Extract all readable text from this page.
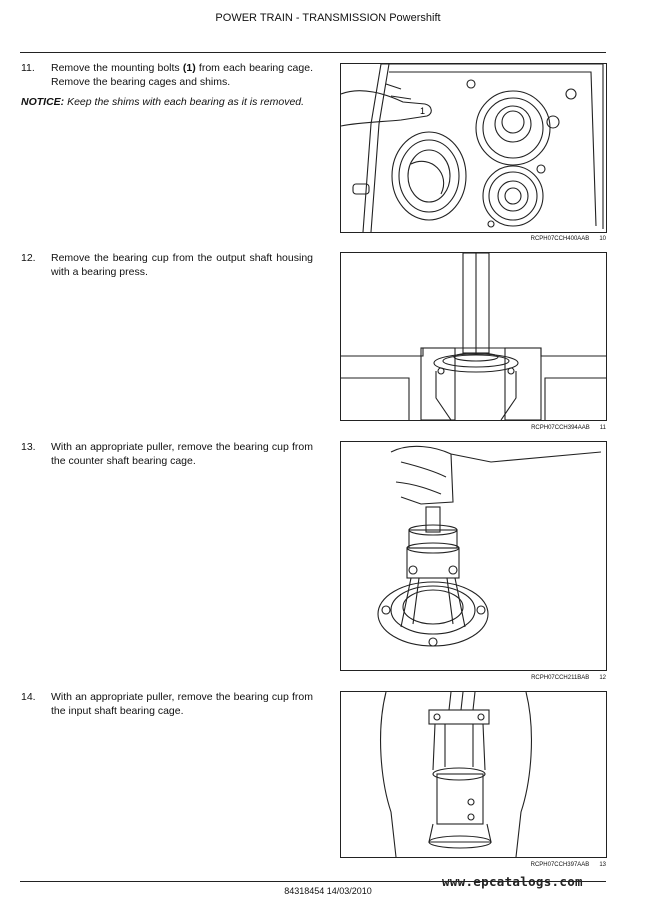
POWER TRAIN - TRANSMISSION Powershift
11. Remove the mounting bolts (1) from each bearing cage. Remove the bearing cages and shims.
NOTICE: Keep the shims with each bearing as it is removed.
1
RCPH07CCH400AAB 10
12. Remove the bearing cup from the output shaft housing with a bearing press.
RCPH07CCH394AAB 11
13. With an appropriate puller, remove the bearing cup from the counter shaft bearing cage.
RCPH07CCH211BAB 12
14. With an appropriate puller, remove the bearing cup from the input shaft bearing cage.
RCPH07CCH397AAB 13
84318454 14/03/2010
www.epcatalogs.com
